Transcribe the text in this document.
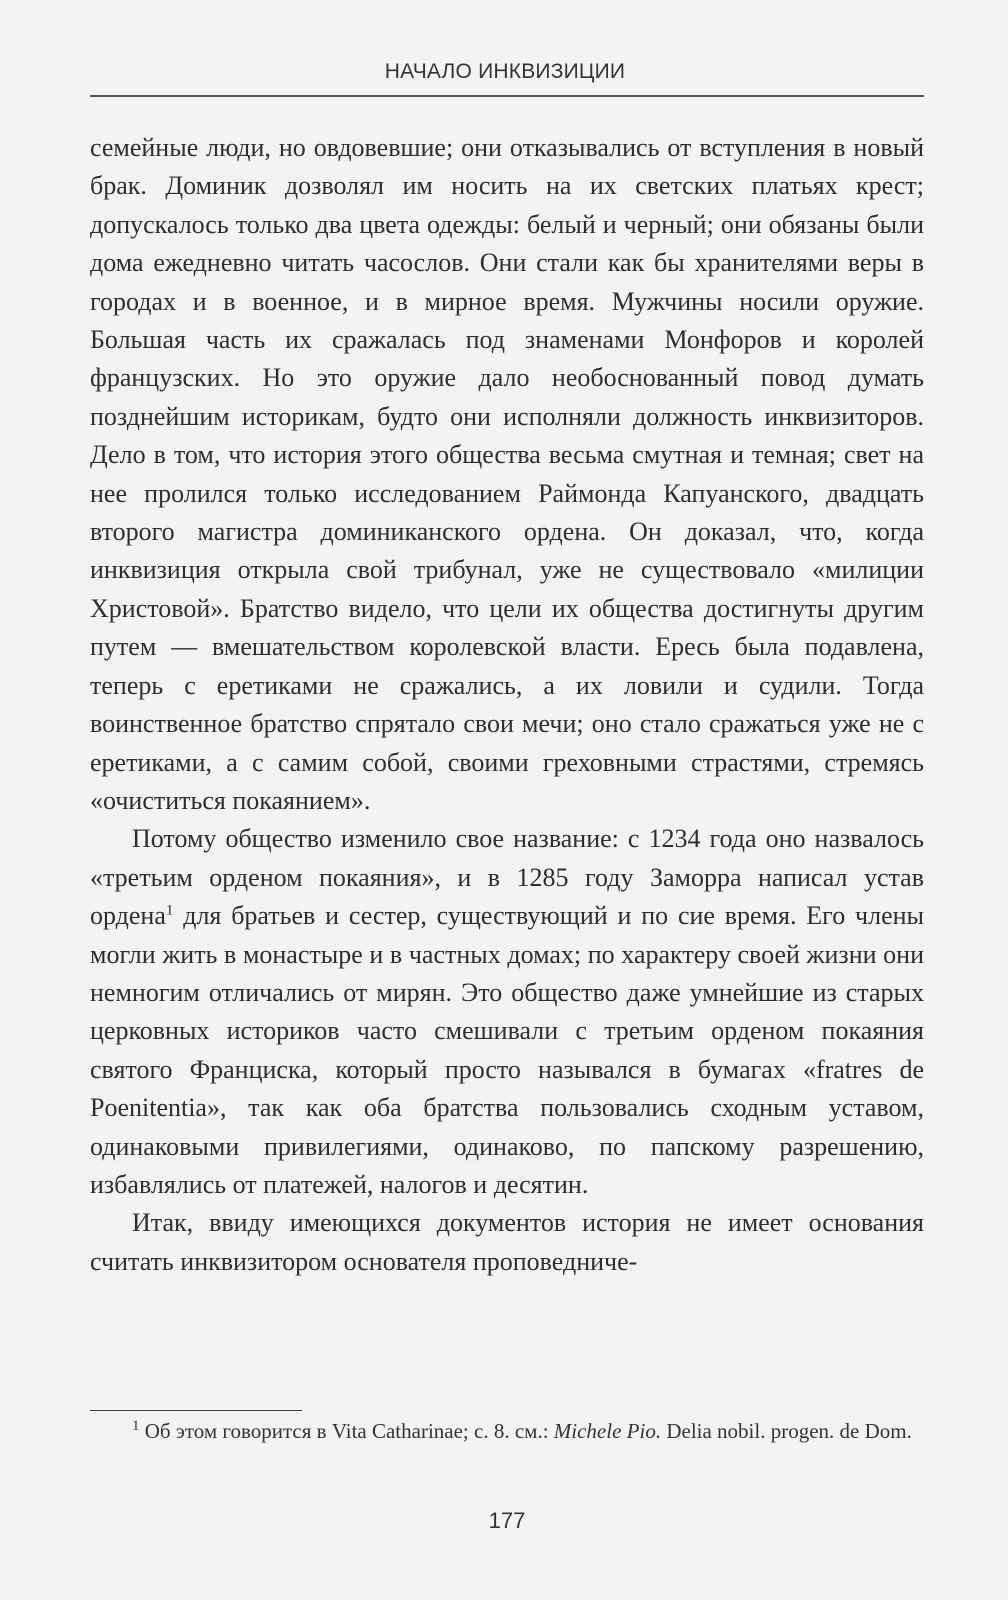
НАЧАЛО ИНКВИЗИЦИИ

семейные люди, но овдовевшие; они отказывались от вступления в новый брак. Доминик дозволял им носить на их светских платьях крест; допускалось только два цвета одежды: белый и черный; они обязаны были дома ежедневно читать часослов. Они стали как бы хранителями веры в городах и в военное, и в мирное время. Мужчины носили оружие. Большая часть их сражалась под знаменами Монфоров и королей французских. Но это оружие дало необоснованный повод думать позднейшим историкам, будто они исполняли должность инквизиторов. Дело в том, что история этого общества весьма смутная и темная; свет на нее пролился только исследованием Раймонда Капуанского, двадцать второго магистра доминиканского ордена. Он доказал, что, когда инквизиция открыла свой трибунал, уже не существовало «милиции Христовой». Братство видело, что цели их общества достигнуты другим путем — вмешательством королевской власти. Ересь была подавлена, теперь с еретиками не сражались, а их ловили и судили. Тогда воинственное братство спрятало свои мечи; оно стало сражаться уже не с еретиками, а с самим собой, своими греховными страстями, стремясь «очиститься покаянием».

Потому общество изменило свое название: с 1234 года оно назвалось «третьим орденом покаяния», и в 1285 году Заморра написал устав ордена$^1$ для братьев и сестер, существующий и по сие время. Его члены могли жить в монастыре и в частных домах; по характеру своей жизни они немногим отличались от мирян. Это общество даже умнейшие из старых церковных историков часто смешивали с третьим орденом покаяния святого Франциска, который просто назывался в бумагах «fratres de Poenitentia», так как оба братства пользовались сходным уставом, одинаковыми привилегиями, одинаково, по папскому разрешению, избавлялись от платежей, налогов и десятин.

Итак, ввиду имеющихся документов история не имеет основания считать инквизитором основателя проповедниче-

$^1$ Об этом говорится в Vita Catharinae; c. 8. см.: Michele Pio. Delia nobil. progen. de Dom.
177
